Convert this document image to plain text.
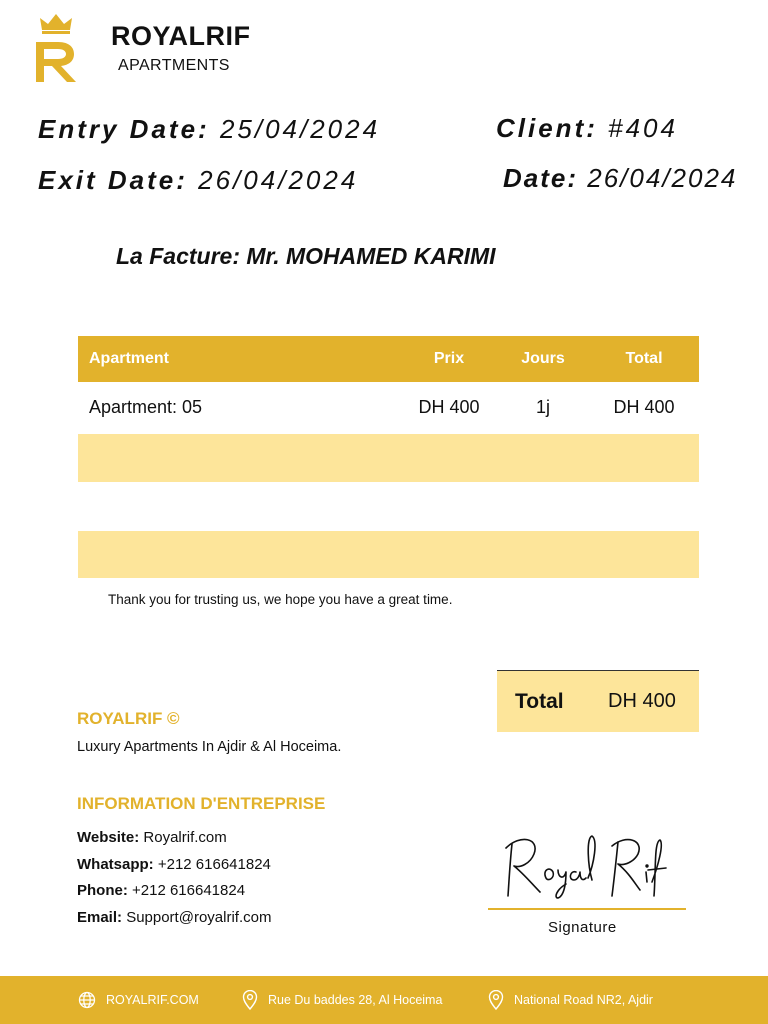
ROYALRIF
APARTMENTS
Entry Date: 25/04/2024
Exit Date: 26/04/2024
Client: #404
Date: 26/04/2024
La Facture: Mr. MOHAMED KARIMI
Apartment	Prix	Jours	Total
Apartment: 05	DH 400	1j	DH 400
Thank you for trusting us, we hope you have a great time.
Total DH 400
ROYALRIF ©
Luxury Apartments In Ajdir & Al Hoceima.
INFORMATION D'ENTREPRISE
Website: Royalrif.com
Whatsapp: +212 616641824
Phone: +212 616641824
Email: Support@royalrif.com
Signature
ROYALRIF.COM	Rue Du baddes 28, Al Hoceima	National Road NR2, Ajdir
